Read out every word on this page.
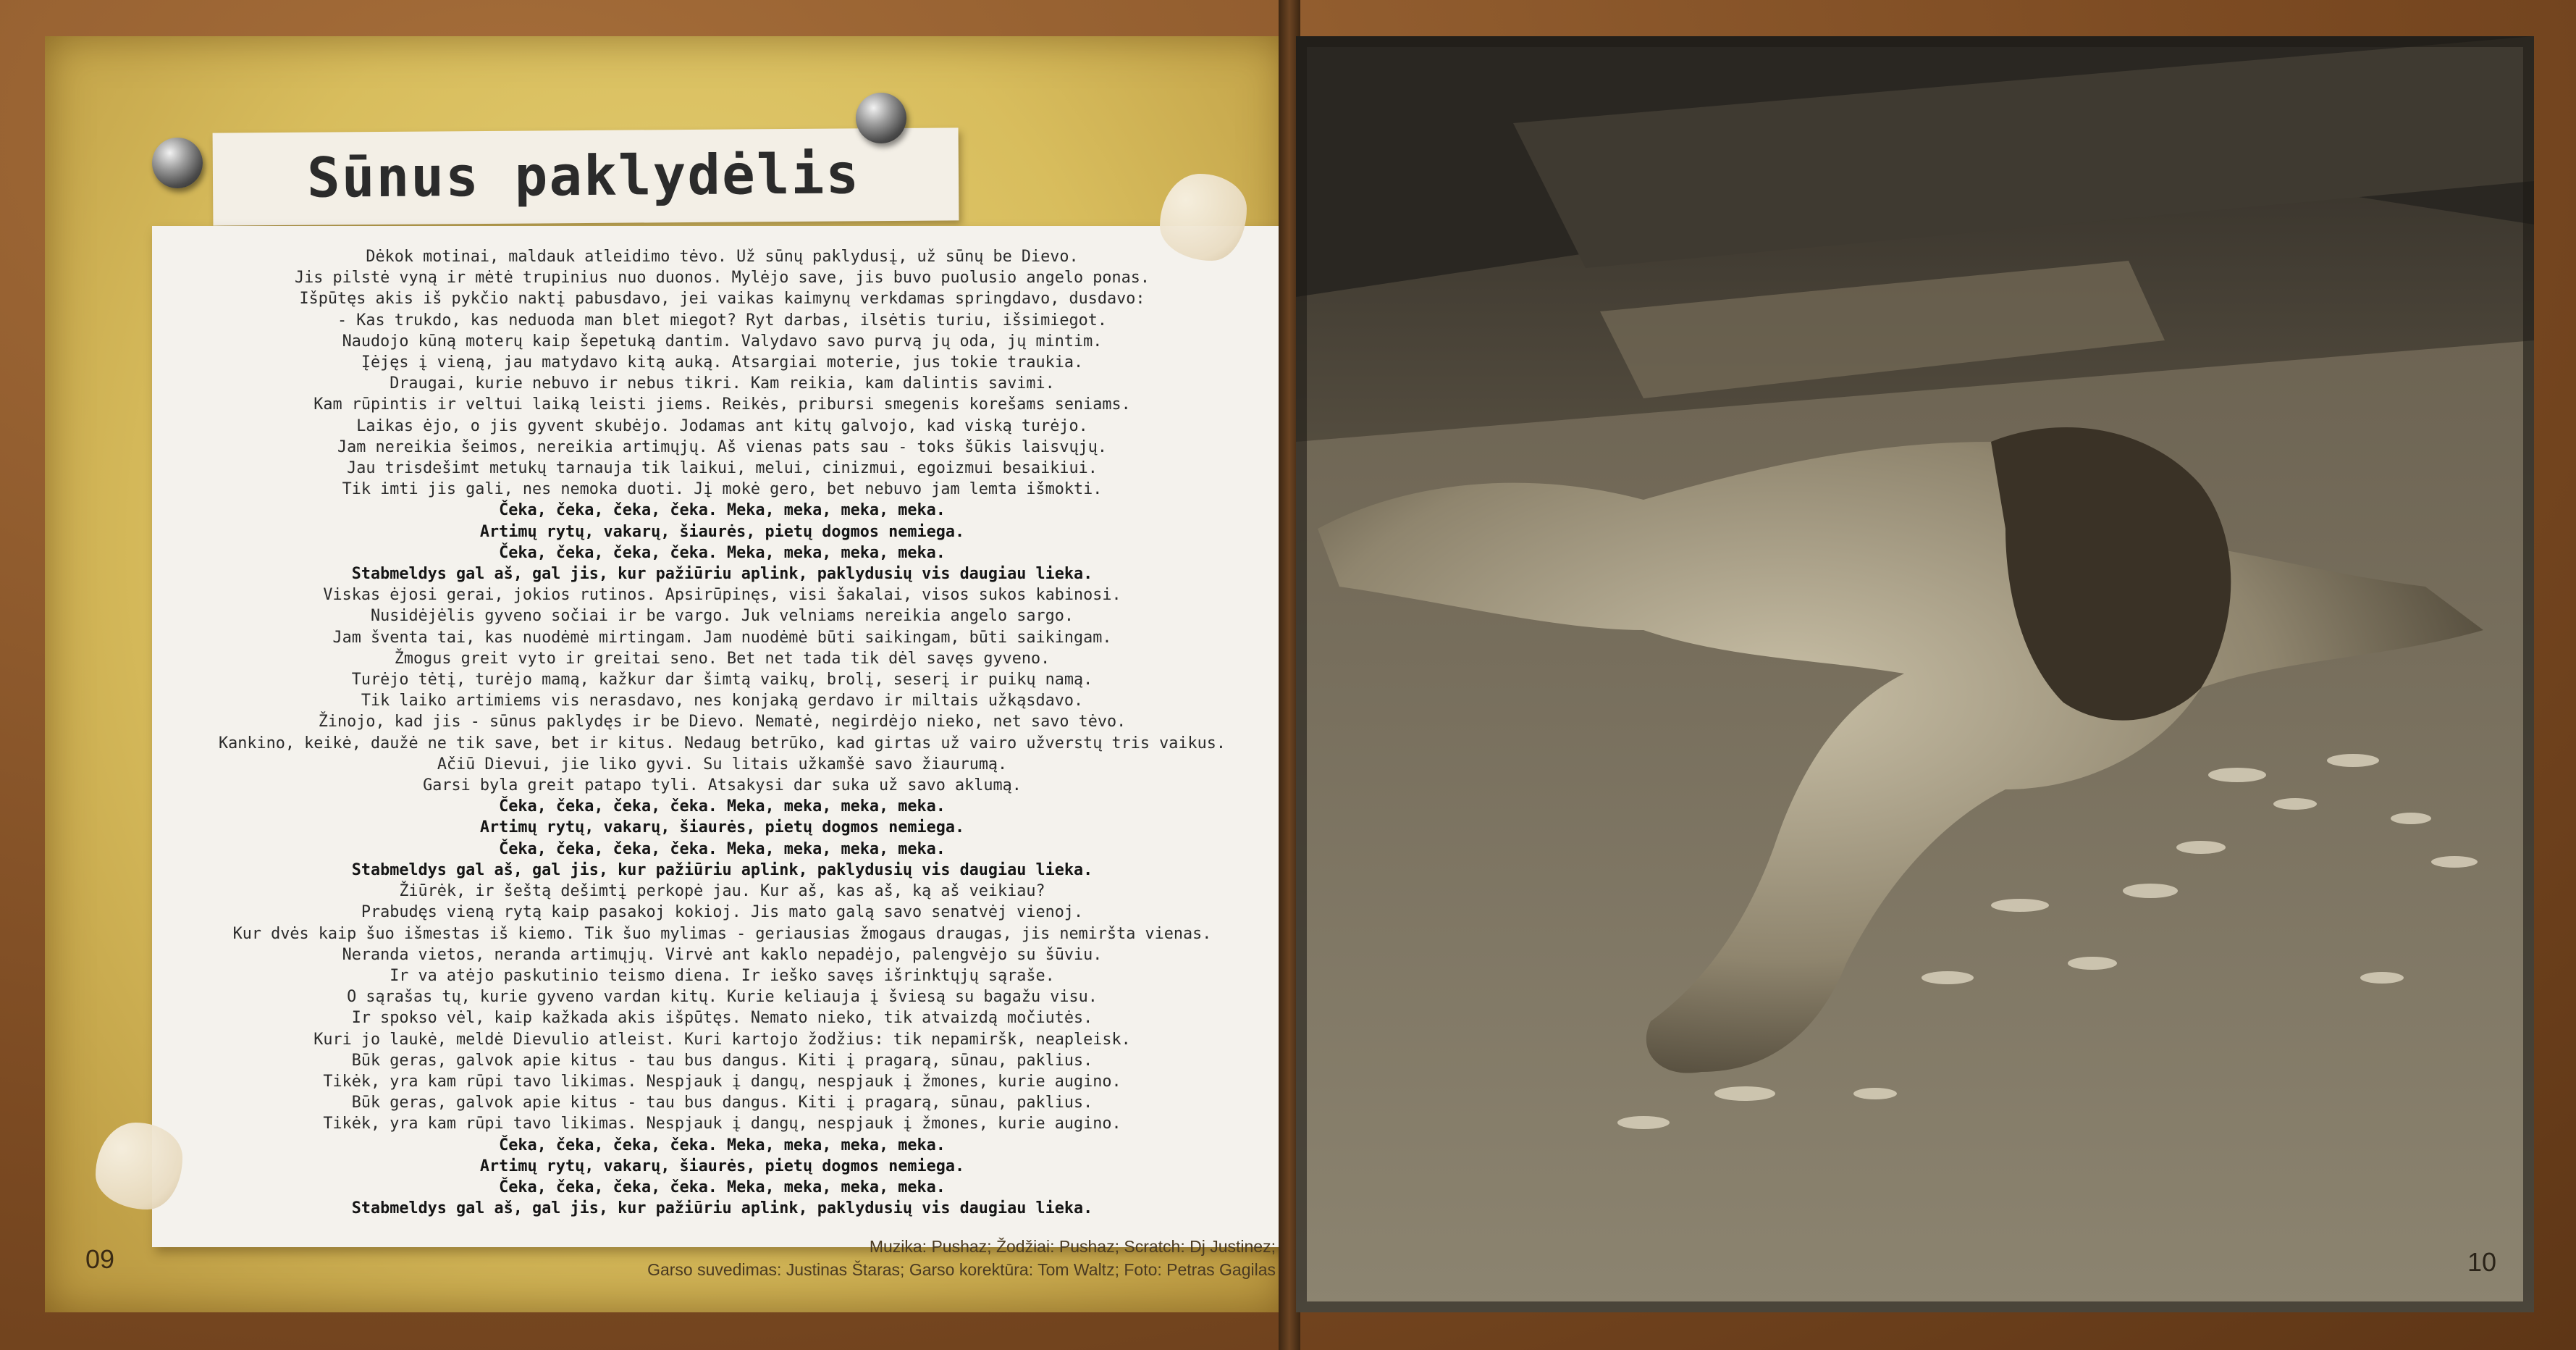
Sūnus paklydėlis
Dėkok motinai, maldauk atleidimo tėvo. Už sūnų paklydusį, už sūnų be Dievo.
Jis pilstė vyną ir mėtė trupinius nuo duonos. Mylėjo save, jis buvo puolusio angelo ponas.
Išpūtęs akis iš pykčio naktį pabusdavo, jei vaikas kaimynų verkdamas springdavo, dusdavo:
- Kas trukdo, kas neduoda man blet miegot? Ryt darbas, ilsėtis turiu, išsimiegot.
Naudojo kūną moterų kaip šepetuką dantim. Valydavo savo purvą jų oda, jų mintim.
Įėjęs į vieną, jau matydavo kitą auką. Atsargiai moterie, jus tokie traukia.
Draugai, kurie nebuvo ir nebus tikri. Kam reikia, kam dalintis savimi.
Kam rūpintis ir veltui laiką leisti jiems. Reikės, pribursi smegenis korešams seniams.
Laikas ėjo, o jis gyvent skubėjo. Jodamas ant kitų galvojo, kad viską turėjo.
Jam nereikia šeimos, nereikia artimųjų. Aš vienas pats sau - toks šūkis laisvųjų.
Jau trisdešimt metukų tarnauja tik laikui, melui, cinizmui, egoizmui besaikiui.
Tik imti jis gali, nes nemoka duoti. Jį mokė gero, bet nebuvo jam lemta išmokti.
Čeka, čeka, čeka, čeka. Meka, meka, meka, meka.
Artimų rytų, vakarų, šiaurės, pietų dogmos nemiega.
Čeka, čeka, čeka, čeka. Meka, meka, meka, meka.
Stabmeldys gal aš, gal jis, kur pažiūriu aplink, paklydusių vis daugiau lieka.
Viskas ėjosi gerai, jokios rutinos. Apsirūpinęs, visi šakalai, visos sukos kabinosi.
Nusidėjėlis gyveno sočiai ir be vargo. Juk velniams nereikia angelo sargo.
Jam šventa tai, kas nuodėmė mirtingam. Jam nuodėmė būti saikingam, būti saikingam.
Žmogus greit vyto ir greitai seno. Bet net tada tik dėl savęs gyveno.
Turėjo tėtį, turėjo mamą, kažkur dar šimtą vaikų, brolį, seserį ir puikų namą.
Tik laiko artimiems vis nerasdavo, nes konjaką gerdavo ir miltais užkąsdavo.
Žinojo, kad jis - sūnus paklydęs ir be Dievo. Nematė, negirdėjo nieko, net savo tėvo.
Kankino, keikė, daužė ne tik save, bet ir kitus. Nedaug betrūko, kad girtas už vairo užverstų tris vaikus.
Ačiū Dievui, jie liko gyvi. Su litais užkamšė savo žiaurumą.
Garsi byla greit patapo tyli. Atsakysi dar suka už savo aklumą.
Čeka, čeka, čeka, čeka. Meka, meka, meka, meka.
Artimų rytų, vakarų, šiaurės, pietų dogmos nemiega.
Čeka, čeka, čeka, čeka. Meka, meka, meka, meka.
Stabmeldys gal aš, gal jis, kur pažiūriu aplink, paklydusių vis daugiau lieka.
Žiūrėk, ir šeštą dešimtį perkopė jau. Kur aš, kas aš, ką aš veikiau?
Prabudęs vieną rytą kaip pasakoj kokioj. Jis mato galą savo senatvėj vienoj.
Kur dvės kaip šuo išmestas iš kiemo. Tik šuo mylimas - geriausias žmogaus draugas, jis nemiršta vienas.
Neranda vietos, neranda artimųjų. Virvė ant kaklo nepadėjo, palengvėjo su šūviu.
Ir va atėjo paskutinio teismo diena. Ir ieško savęs išrinktųjų sąraše.
O sąrašas tų, kurie gyveno vardan kitų. Kurie keliauja į šviesą su bagažu visu.
Ir spokso vėl, kaip kažkada akis išpūtęs. Nemato nieko, tik atvaizdą močiutės.
Kuri jo laukė, meldė Dievulio atleist. Kuri kartojo žodžius: tik nepamiršk, neapleisk.
Būk geras, galvok apie kitus - tau bus dangus. Kiti į pragarą, sūnau, paklius.
Tikėk, yra kam rūpi tavo likimas. Nespjauk į dangų, nespjauk į žmones, kurie augino.
Būk geras, galvok apie kitus - tau bus dangus. Kiti į pragarą, sūnau, paklius.
Tikėk, yra kam rūpi tavo likimas. Nespjauk į dangų, nespjauk į žmones, kurie augino.
Čeka, čeka, čeka, čeka. Meka, meka, meka, meka.
Artimų rytų, vakarų, šiaurės, pietų dogmos nemiega.
Čeka, čeka, čeka, čeka. Meka, meka, meka, meka.
Stabmeldys gal aš, gal jis, kur pažiūriu aplink, paklydusių vis daugiau lieka.
09	Muzika: Pushaz; Žodžiai: Pushaz; Scratch: Dj Justinez;
Garso suvedimas: Justinas Štaras; Garso korektūra: Tom Waltz; Foto: Petras Gagilas	10
